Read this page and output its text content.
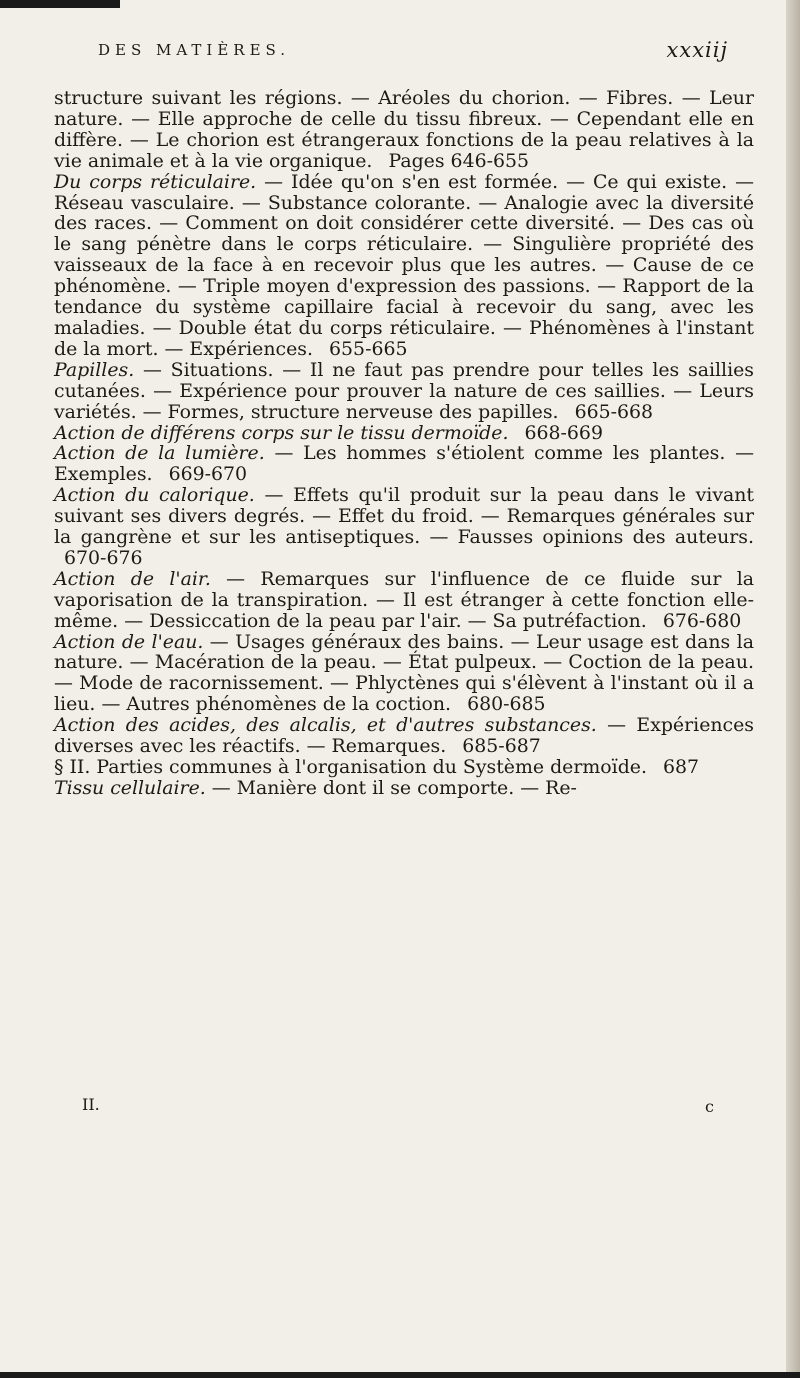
DES MATIÈRES.	xxxiij

structure suivant les régions. — Aréoles du chorion. — Fibres. — Leur nature. — Elle approche de celle du tissu fibreux. — Cependant elle en diffère. — Le chorion est étrangeraux fonctions de la peau relatives à la vie animale et à la vie organique. Pages 646-655

Du corps réticulaire. — Idée qu'on s'en est formée. — Ce qui existe. — Réseau vasculaire. — Substance colorante. — Analogie avec la diversité des races. — Comment on doit considérer cette diversité. — Des cas où le sang pénètre dans le corps réticulaire. — Singulière propriété des vaisseaux de la face à en recevoir plus que les autres. — Cause de ce phénomène. — Triple moyen d'expression des passions. — Rapport de la tendance du système capillaire facial à recevoir du sang, avec les maladies. — Double état du corps réticulaire. — Phénomènes à l'instant de la mort. — Expériences. 655-665

Papilles. — Situations. — Il ne faut pas prendre pour telles les saillies cutanées. — Expérience pour prouver la nature de ces saillies. — Leurs variétés. — Formes, structure nerveuse des papilles. 665-668

Action de différens corps sur le tissu dermoïde. 668-669

Action de la lumière. — Les hommes s'étiolent comme les plantes. — Exemples. 669-670

Action du calorique. — Effets qu'il produit sur la peau dans le vivant suivant ses divers degrés. — Effet du froid. — Remarques générales sur la gangrène et sur les antiseptiques. — Fausses opinions des auteurs. 670-676

Action de l'air. — Remarques sur l'influence de ce fluide sur la vaporisation de la transpiration. — Il est étranger à cette fonction elle-même. — Dessiccation de la peau par l'air. — Sa putréfaction. 676-680

Action de l'eau. — Usages généraux des bains. — Leur usage est dans la nature. — Macération de la peau. — État pulpeux. — Coction de la peau. — Mode de racornissement. — Phlyctènes qui s'élèvent à l'instant où il a lieu. — Autres phénomènes de la coction. 680-685

Action des acides, des alcalis, et d'autres substances. — Expériences diverses avec les réactifs. — Remarques. 685-687

§ II. Parties communes à l'organisation du Système dermoïde. 687

Tissu cellulaire. — Manière dont il se comporte. — Re-

II.	c
